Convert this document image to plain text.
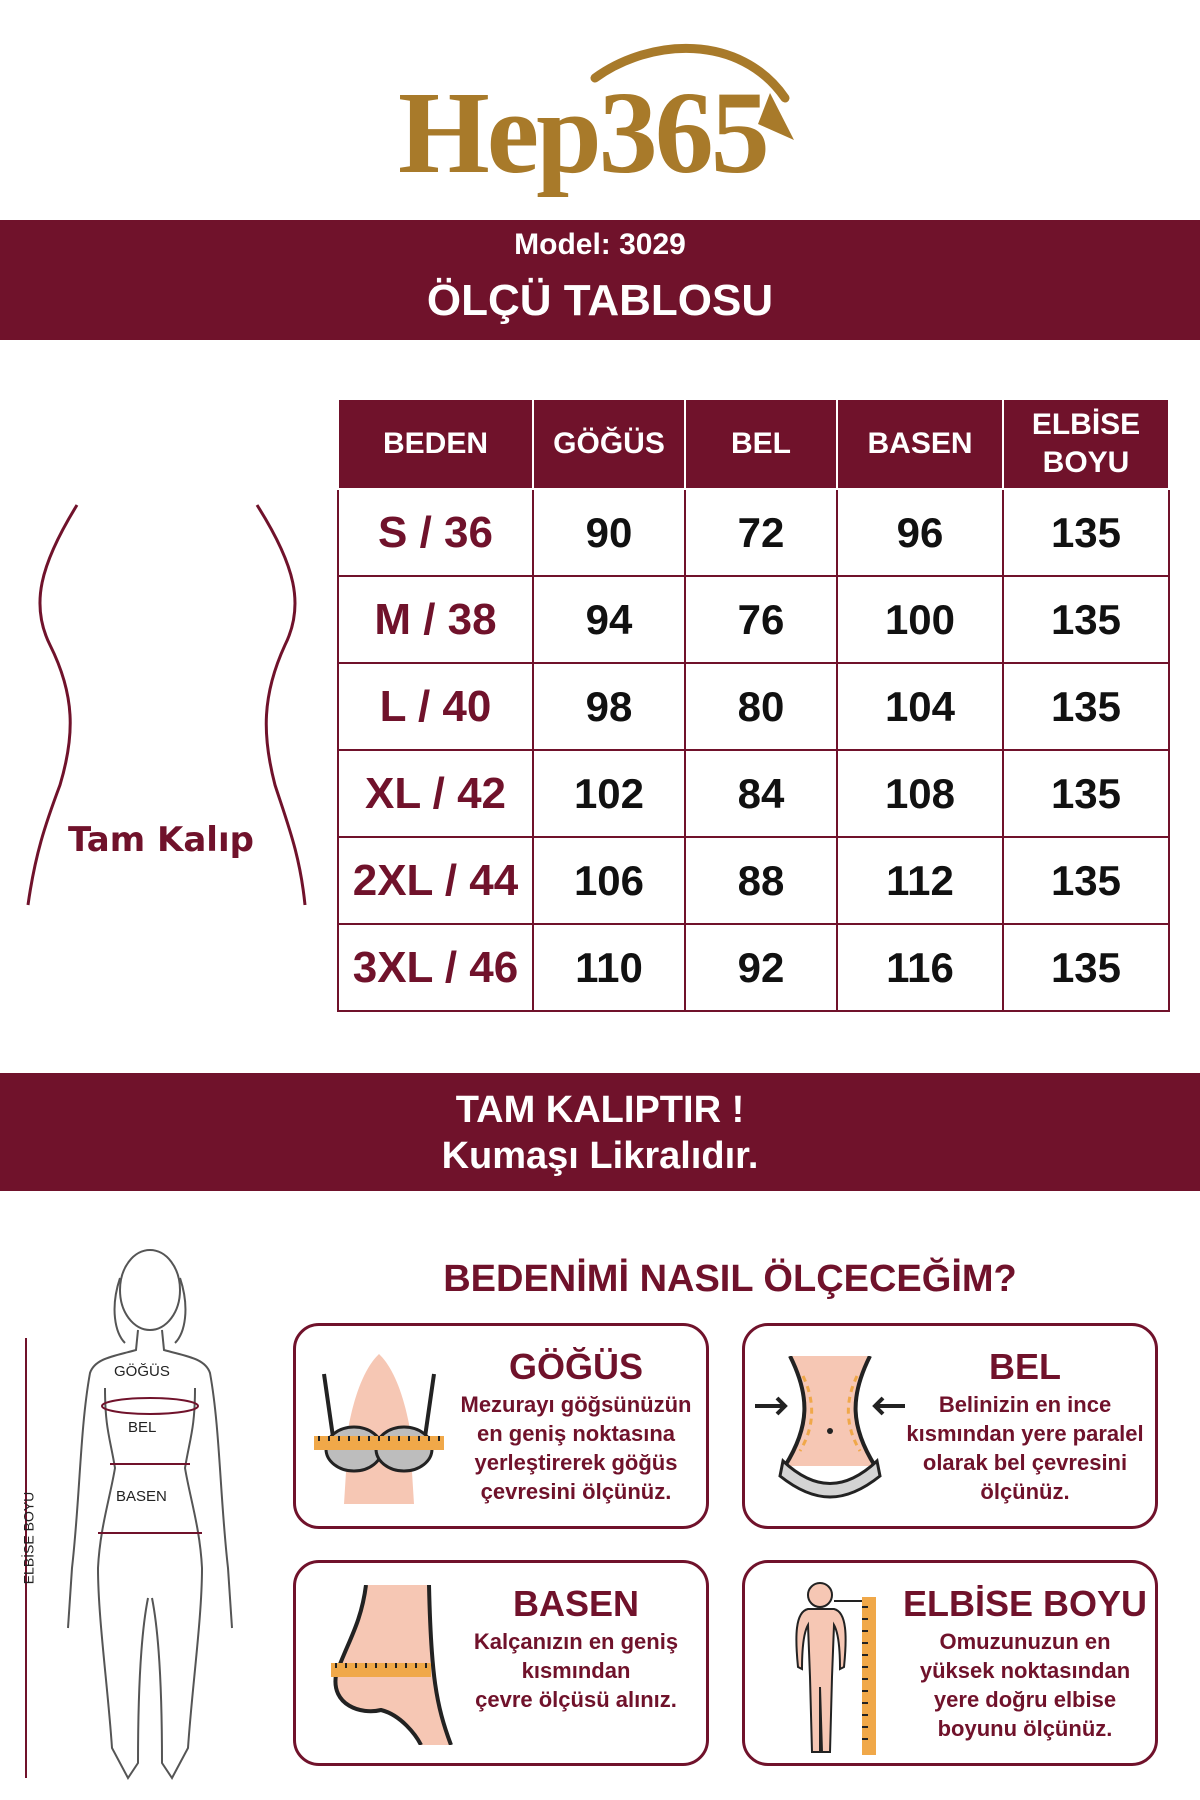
Hep365
Model: 3029
ÖLÇÜ TABLOSU
Tam Kalıp
BEDEN	GÖĞÜS	BEL	BASEN	ELBİSE BOYU

S / 36	90	72	96	135
M / 38	94	76	100	135
L / 40	98	80	104	135
XL / 42	102	84	108	135
2XL / 44	106	88	112	135
3XL / 46	110	92	116	135
TAM KALIPTIR !
Kumaşı Likralıdır.
BEDENİMİ NASIL ÖLÇECEĞİM?
GÖĞÜS
BEL
BASEN
ELBİSE BOYU
GÖĞÜS
Mezurayı göğsünüzün
en geniş noktasına
yerleştirerek göğüs
çevresini ölçünüz.
BEL
Belinizin en ince
kısmından yere paralel
olarak bel çevresini
ölçünüz.
BASEN
Kalçanızın en geniş
kısmından
çevre ölçüsü alınız.
ELBİSE BOYU
Omuzunuzun en
yüksek noktasından
yere doğru elbise
boyunu ölçünüz.
